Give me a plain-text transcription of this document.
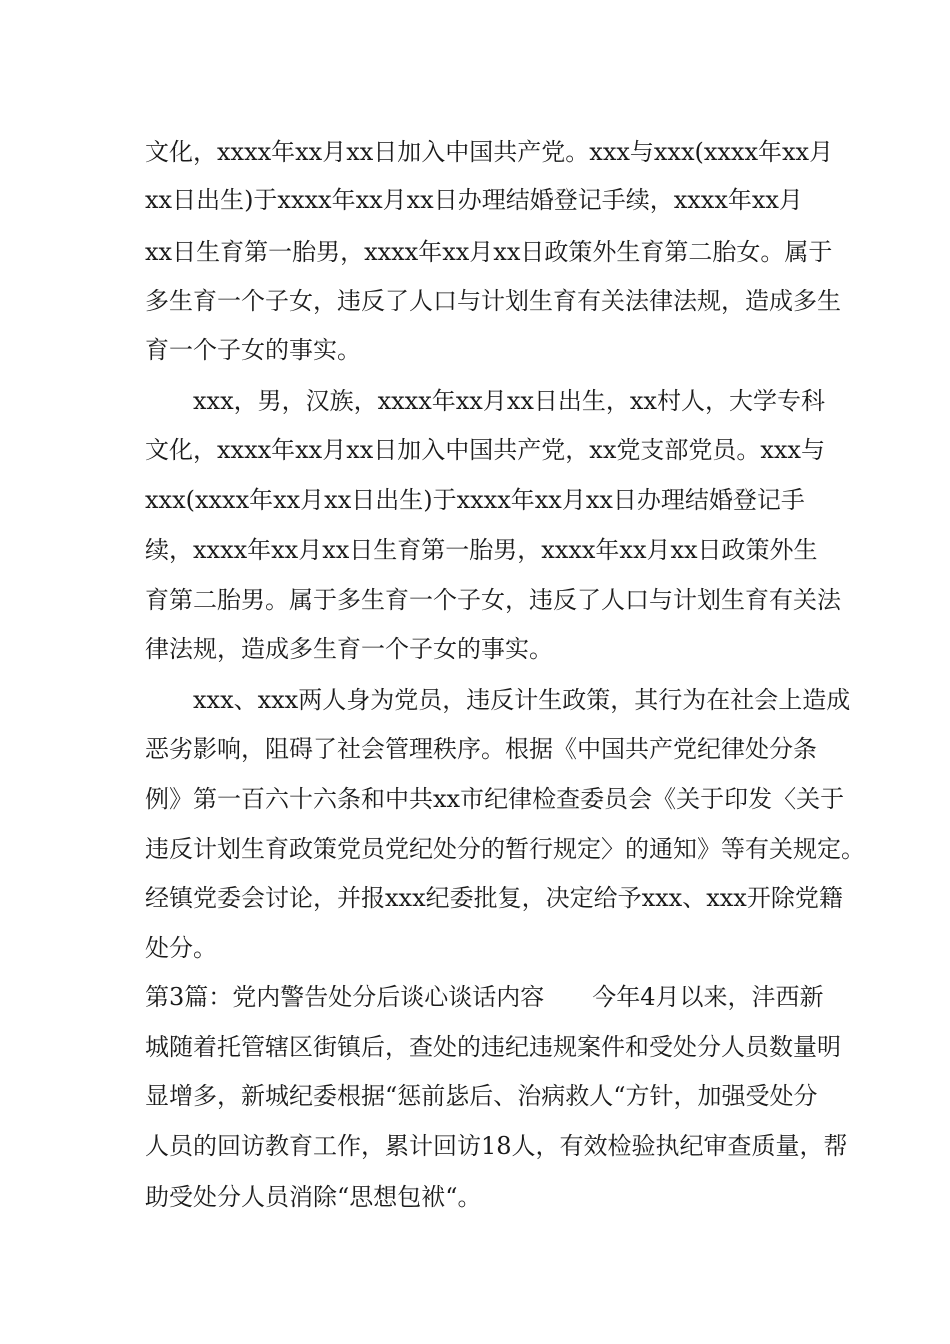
文化，xxxx年xx月xx日加入中国共产党。xxx与xxx(xxxx年xx月
xx日出生)于xxxx年xx月xx日办理结婚登记手续，xxxx年xx月
xx日生育第一胎男，xxxx年xx月xx日政策外生育第二胎女。属于
多生育一个子女，违反了人口与计划生育有关法律法规，造成多生
育一个子女的事实。
xxx，男，汉族，xxxx年xx月xx日出生，xx村人，大学专科
文化，xxxx年xx月xx日加入中国共产党，xx党支部党员。xxx与
xxx(xxxx年xx月xx日出生)于xxxx年xx月xx日办理结婚登记手
续，xxxx年xx月xx日生育第一胎男，xxxx年xx月xx日政策外生
育第二胎男。属于多生育一个子女，违反了人口与计划生育有关法
律法规，造成多生育一个子女的事实。
xxx、xxx两人身为党员，违反计生政策，其行为在社会上造成
恶劣影响，阻碍了社会管理秩序。根据《中国共产党纪律处分条
例》第一百六十六条和中共xx市纪律检查委员会《关于印发〈关于
违反计划生育政策党员党纪处分的暂行规定〉的通知》等有关规定。
经镇党委会讨论，并报xxx纪委批复，决定给予xxx、xxx开除党籍
处分。
第3篇：党内警告处分后谈心谈话内容　　今年4月以来，沣西新
城随着托管辖区街镇后，查处的违纪违规案件和受处分人员数量明
显增多，新城纪委根据“惩前毖后、治病救人“方针，加强受处分
人员的回访教育工作，累计回访18人，有效检验执纪审查质量，帮
助受处分人员消除“思想包袱“。
